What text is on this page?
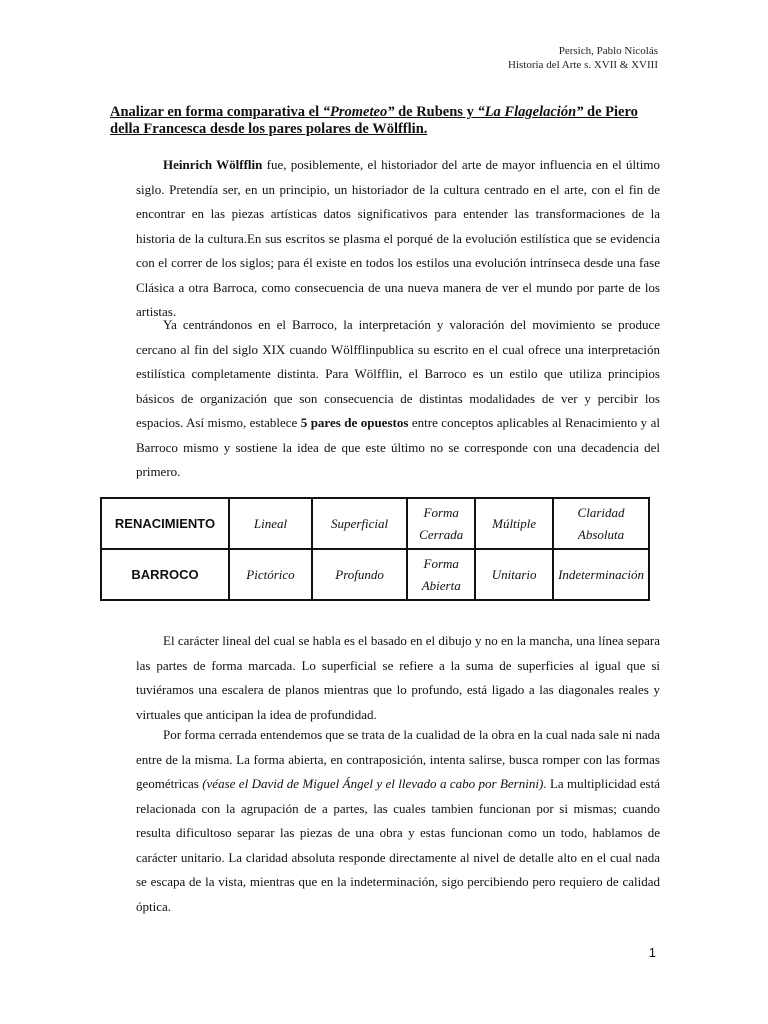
Persich, Pablo Nicolás
Historia del Arte s. XVII & XVIII
Analizar en forma comparativa el “Prometeo” de Rubens y “La Flagelación” de Piero della Francesca desde los pares polares de Wölfflin.

Heinrich Wölfflin fue, posiblemente, el historiador del arte de mayor influencia en el último siglo. Pretendía ser, en un principio, un historiador de la cultura centrado en el arte, con el fin de encontrar en las piezas artísticas datos significativos para entender las transformaciones de la historia de la cultura.En sus escritos se plasma el porqué de la evolución estilística que se evidencia con el correr de los siglos; para él existe en todos los estilos una evolución intrínseca desde una fase Clásica a otra Barroca, como consecuencia de una nueva manera de ver el mundo por parte de los artistas.

Ya centrándonos en el Barroco, la interpretación y valoración del movimiento se produce cercano al fin del siglo XIX cuando Wölfflinpublica su escrito en el cual ofrece una interpretación estilística completamente distinta. Para Wölfflin, el Barroco es un estilo que utiliza principios básicos de organización que son consecuencia de distintas modalidades de ver y percibir los espacios. Así mismo, establece 5 pares de opuestos entre conceptos aplicables al Renacimiento y al Barroco mismo y sostiene la idea de que este último no se corresponde con una decadencia del primero.

RENACIMIENTO	Lineal	Superficial	Forma Cerrada	Múltiple	Claridad Absoluta
BARROCO	Pictórico	Profundo	Forma Abierta	Unitario	Indeterminación

El carácter lineal del cual se habla es el basado en el dibujo y no en la mancha, una línea separa las partes de forma marcada. Lo superficial se refiere a la suma de superficies al igual que si tuviéramos una escalera de planos mientras que lo profundo, está ligado a las diagonales reales y virtuales que anticipan la idea de profundidad.

Por forma cerrada entendemos que se trata de la cualidad de la obra en la cual nada sale ni nada entre de la misma. La forma abierta, en contraposición, intenta salirse, busca romper con las formas geométricas (véase el David de Miguel Ángel y el llevado a cabo por Bernini). La multiplicidad está relacionada con la agrupación de a partes, las cuales tambien funcionan por si mismas; cuando resulta dificultoso separar las piezas de una obra y estas funcionan como un todo, hablamos de carácter unitario. La claridad absoluta responde directamente al nivel de detalle alto en el cual nada se escapa de la vista, mientras que en la indeterminación, sigo percibiendo pero requiero de calidad óptica.

1
